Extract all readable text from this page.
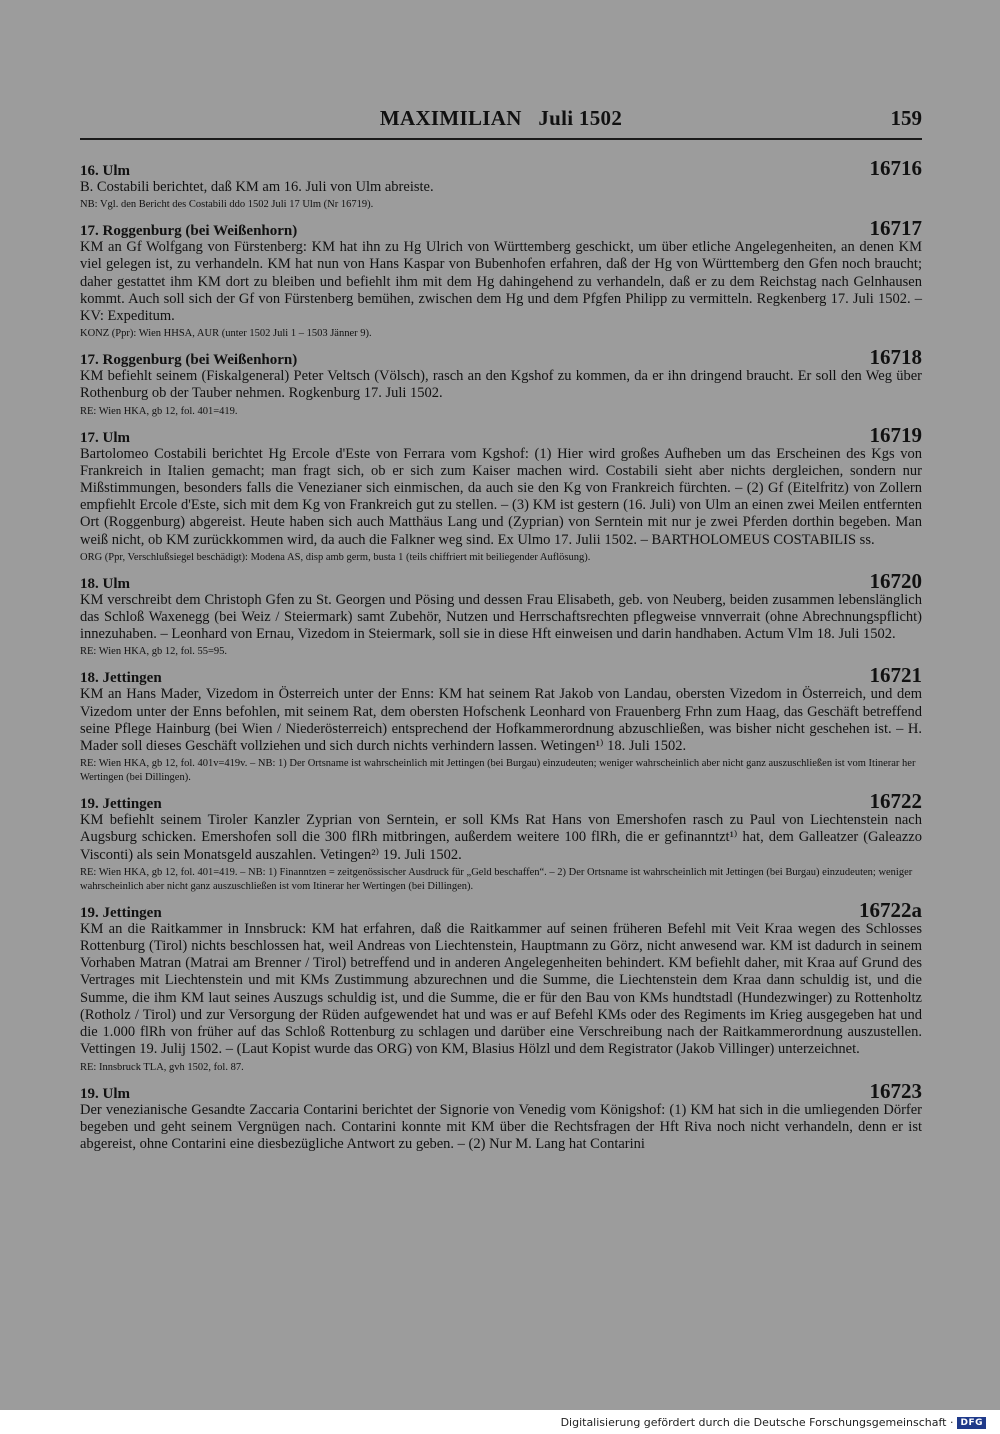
MAXIMILIAN   Juli 1502	159
16. Ulm	16716
B. Costabili berichtet, daß KM am 16. Juli von Ulm abreiste.
NB: Vgl. den Bericht des Costabili ddo 1502 Juli 17 Ulm (Nr 16719).
17. Roggenburg (bei Weißenhorn)	16717
KM an Gf Wolfgang von Fürstenberg: KM hat ihn zu Hg Ulrich von Württemberg geschickt, um über etliche Angelegenheiten, an denen KM viel gelegen ist, zu verhandeln. KM hat nun von Hans Kaspar von Bubenhofen erfahren, daß der Hg von Württemberg den Gfen noch braucht; daher gestattet ihm KM dort zu bleiben und befiehlt ihm mit dem Hg dahingehend zu verhandeln, daß er zu dem Reichstag nach Gelnhausen kommt. Auch soll sich der Gf von Fürstenberg bemühen, zwischen dem Hg und dem Pfgfen Philipp zu vermitteln. Regkenberg 17. Juli 1502. – KV: Expeditum.
KONZ (Ppr): Wien HHSA, AUR (unter 1502 Juli 1 – 1503 Jänner 9).
17. Roggenburg (bei Weißenhorn)	16718
KM befiehlt seinem (Fiskalgeneral) Peter Veltsch (Völsch), rasch an den Kgshof zu kommen, da er ihn dringend braucht. Er soll den Weg über Rothenburg ob der Tauber nehmen. Rogkenburg 17. Juli 1502.
RE: Wien HKA, gb 12, fol. 401=419.
17. Ulm	16719
Bartolomeo Costabili berichtet Hg Ercole d'Este von Ferrara vom Kgshof: (1) Hier wird großes Aufheben um das Erscheinen des Kgs von Frankreich in Italien gemacht; man fragt sich, ob er sich zum Kaiser machen wird. Costabili sieht aber nichts dergleichen, sondern nur Mißstimmungen, besonders falls die Venezianer sich einmischen, da auch sie den Kg von Frankreich fürchten. – (2) Gf (Eitelfritz) von Zollern empfiehlt Ercole d'Este, sich mit dem Kg von Frankreich gut zu stellen. – (3) KM ist gestern (16. Juli) von Ulm an einen zwei Meilen entfernten Ort (Roggenburg) abgereist. Heute haben sich auch Matthäus Lang und (Zyprian) von Serntein mit nur je zwei Pferden dorthin begeben. Man weiß nicht, ob KM zurückkommen wird, da auch die Falkner weg sind. Ex Ulmo 17. Julii 1502. – BARTHOLOMEUS COSTABILIS ss.
ORG (Ppr, Verschlußsiegel beschädigt): Modena AS, disp amb germ, busta 1 (teils chiffriert mit beiliegender Auflösung).
18. Ulm	16720
KM verschreibt dem Christoph Gfen zu St. Georgen und Pösing und dessen Frau Elisabeth, geb. von Neuberg, beiden zusammen lebenslänglich das Schloß Waxenegg (bei Weiz / Steiermark) samt Zubehör, Nutzen und Herrschaftsrechten pflegweise vnnverrait (ohne Abrechnungspflicht) innezuhaben. – Leonhard von Ernau, Vizedom in Steiermark, soll sie in diese Hft einweisen und darin handhaben. Actum Vlm 18. Juli 1502.
RE: Wien HKA, gb 12, fol. 55=95.
18. Jettingen	16721
KM an Hans Mader, Vizedom in Österreich unter der Enns: KM hat seinem Rat Jakob von Landau, obersten Vizedom in Österreich, und dem Vizedom unter der Enns befohlen, mit seinem Rat, dem obersten Hofschenk Leonhard von Frauenberg Frhn zum Haag, das Geschäft betreffend seine Pflege Hainburg (bei Wien / Niederösterreich) entsprechend der Hofkammerordnung abzuschließen, was bisher nicht geschehen ist. – H. Mader soll dieses Geschäft vollziehen und sich durch nichts verhindern lassen. Wetingen¹⁾ 18. Juli 1502.
RE: Wien HKA, gb 12, fol. 401v=419v. – NB: 1) Der Ortsname ist wahrscheinlich mit Jettingen (bei Burgau) einzudeuten; weniger wahrscheinlich aber nicht ganz auszuschließen ist vom Itinerar her Wertingen (bei Dillingen).
19. Jettingen	16722
KM befiehlt seinem Tiroler Kanzler Zyprian von Serntein, er soll KMs Rat Hans von Emershofen rasch zu Paul von Liechtenstein nach Augsburg schicken. Emershofen soll die 300 flRh mitbringen, außerdem weitere 100 flRh, die er gefinanntzt¹⁾ hat, dem Galleatzer (Galeazzo Visconti) als sein Monatsgeld auszahlen. Vetingen²⁾ 19. Juli 1502.
RE: Wien HKA, gb 12, fol. 401=419. – NB: 1) Finanntzen = zeitgenössischer Ausdruck für „Geld beschaffen“. – 2) Der Ortsname ist wahrscheinlich mit Jettingen (bei Burgau) einzudeuten; weniger wahrscheinlich aber nicht ganz auszuschließen ist vom Itinerar her Wertingen (bei Dillingen).
19. Jettingen	16722a
KM an die Raitkammer in Innsbruck: KM hat erfahren, daß die Raitkammer auf seinen früheren Befehl mit Veit Kraa wegen des Schlosses Rottenburg (Tirol) nichts beschlossen hat, weil Andreas von Liechtenstein, Hauptmann zu Görz, nicht anwesend war. KM ist dadurch in seinem Vorhaben Matran (Matrai am Brenner / Tirol) betreffend und in anderen Angelegenheiten behindert. KM befiehlt daher, mit Kraa auf Grund des Vertrages mit Liechtenstein und mit KMs Zustimmung abzurechnen und die Summe, die Liechtenstein dem Kraa dann schuldig ist, und die Summe, die ihm KM laut seines Auszugs schuldig ist, und die Summe, die er für den Bau von KMs hundtstadl (Hundezwinger) zu Rottenholtz (Rotholz / Tirol) und zur Versorgung der Rüden aufgewendet hat und was er auf Befehl KMs oder des Regiments im Krieg ausgegeben hat und die 1.000 flRh von früher auf das Schloß Rottenburg zu schlagen und darüber eine Verschreibung nach der Raitkammerordnung auszustellen. Vettingen 19. Julij 1502. – (Laut Kopist wurde das ORG) von KM, Blasius Hölzl und dem Registrator (Jakob Villinger) unterzeichnet.
RE: Innsbruck TLA, gvh 1502, fol. 87.
19. Ulm	16723
Der venezianische Gesandte Zaccaria Contarini berichtet der Signorie von Venedig vom Königshof: (1) KM hat sich in die umliegenden Dörfer begeben und geht seinem Vergnügen nach. Contarini konnte mit KM über die Rechtsfragen der Hft Riva noch nicht verhandeln, denn er ist abgereist, ohne Contarini eine diesbezügliche Antwort zu geben. – (2) Nur M. Lang hat Contarini
Digitalisierung gefördert durch die Deutsche Forschungsgemeinschaft · DFG
